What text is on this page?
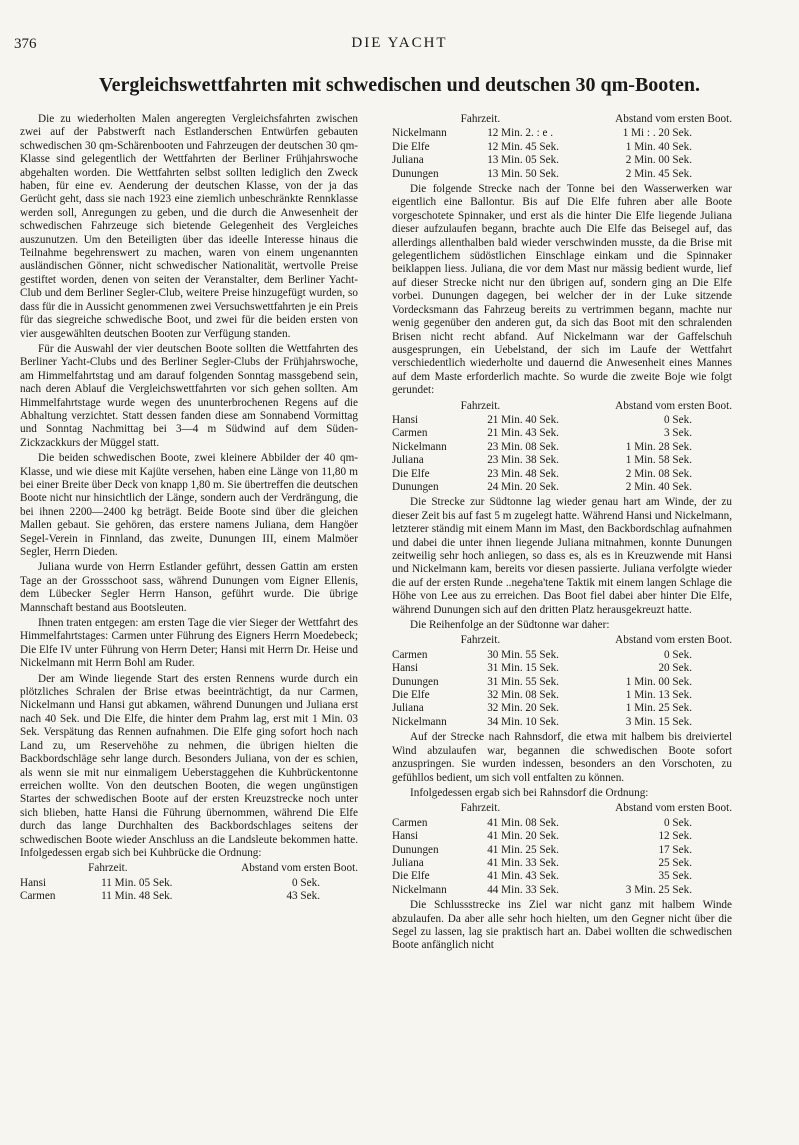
376	DIE YACHT
Vergleichswettfahrten mit schwedischen und deutschen 30 qm-Booten.

Die zu wiederholten Malen angeregten Vergleichsfahrten zwischen zwei auf der Pabstwerft nach Estlanderschen Entwürfen gebauten schwedischen 30 qm-Schärenbooten und Fahrzeugen der deutschen 30 qm-Klasse sind gelegentlich der Wettfahrten der Berliner Frühjahrswoche abgehalten worden. Die Wettfahrten selbst sollten lediglich den Zweck haben, für eine ev. Aenderung der deutschen Klasse, von der ja das Gerücht geht, dass sie nach 1923 eine ziemlich unbeschränkte Rennklasse werden soll, Anregungen zu geben, und die durch die Anwesenheit der schwedischen Fahrzeuge sich bietende Gelegenheit des Vergleiches auszunutzen. Um den Beteiligten über das ideelle Interesse hinaus die Teilnahme begehrenswert zu machen, waren von einem ungenannten ausländischen Gönner, nicht schwedischer Nationalität, wertvolle Preise gestiftet worden, denen von seiten der Veranstalter, dem Berliner Yacht-Club und dem Berliner Segler-Club, weitere Preise hinzugefügt wurden, so dass für die in Aussicht genommenen zwei Versuchswettfahrten je ein Preis für das siegreiche schwedische Boot, und zwei für die beiden ersten von vier ausgewählten deutschen Booten zur Verfügung standen.

Für die Auswahl der vier deutschen Boote sollten die Wettfahrten des Berliner Yacht-Clubs und des Berliner Segler-Clubs der Frühjahrswoche, am Himmelfahrtstag und am darauf folgenden Sonntag massgebend sein, nach deren Ablauf die Vergleichswettfahrten vor sich gehen sollten. Am Himmelfahrtstage wurde wegen des ununterbrochenen Regens auf die Abhaltung verzichtet. Statt dessen fanden diese am Sonnabend Vormittag und Sonntag Nachmittag bei 3—4 m Südwind auf dem Süden-Zickzackkurs der Müggel statt.

Die beiden schwedischen Boote, zwei kleinere Abbilder der 40 qm-Klasse, und wie diese mit Kajüte versehen, haben eine Länge von 11,80 m bei einer Breite über Deck von knapp 1,80 m. Sie übertreffen die deutschen Boote nicht nur hinsichtlich der Länge, sondern auch der Verdrängung, die bei ihnen 2200—2400 kg beträgt. Beide Boote sind über die gleichen Mallen gebaut. Sie gehören, das erstere namens Juliana, dem Hangöer Segel-Verein in Finnland, das zweite, Dunungen III, einem Malmöer Segler, Herrn Dieden.

Juliana wurde von Herrn Estlander geführt, dessen Gattin am ersten Tage an der Grossschoot sass, während Dunungen vom Eigner Ellenis, dem Lübecker Segler Herrn Hanson, geführt wurde. Die übrige Mannschaft bestand aus Bootsleuten.

Ihnen traten entgegen: am ersten Tage die vier Sieger der Wettfahrt des Himmelfahrtstages: Carmen unter Führung des Eigners Herrn Moedebeck; Die Elfe IV unter Führung von Herrn Deter; Hansi mit Herrn Dr. Heise und Nickelmann mit Herrn Bohl am Ruder.

Der am Winde liegende Start des ersten Rennens wurde durch ein plötzliches Schralen der Brise etwas beeinträchtigt, da nur Carmen, Nickelmann und Hansi gut abkamen, während Dunungen und Juliana erst nach 40 Sek. und Die Elfe, die hinter dem Prahm lag, erst mit 1 Min. 03 Sek. Verspätung das Rennen aufnahmen. Die Elfe ging sofort hoch nach Land zu, um Reservehöhe zu nehmen, die übrigen hielten die Backbordschläge sehr lange durch. Besonders Juliana, von der es schien, als wenn sie mit nur einmaligem Ueberstaggehen die Kuhbrückentonne erreichen wollte. Von den deutschen Booten, die wegen ungünstigen Startes der schwedischen Boote auf der ersten Kreuzstrecke noch unter sich blieben, hatte Hansi die Führung übernommen, während Die Elfe durch das lange Durchhalten des Backbordschlages seitens der schwedischen Boote wieder Anschluss an die Landsleute bekommen hatte. Infolgedessen ergab sich bei Kuhbrücke die Ordnung:

Fahrzeit.	Abstand vom ersten Boot.
Hansi	11 Min. 05 Sek.	0 Sek.
Carmen	11 Min. 48 Sek.	43 Sek.
Fahrzeit.	Abstand vom ersten Boot.
Nickelmann	12 Min. 2. : e .	1 Mi : . 20 Sek.
Die Elfe	12 Min. 45 Sek.	1 Min. 40 Sek.
Juliana	13 Min. 05 Sek.	2 Min. 00 Sek.
Dunungen	13 Min. 50 Sek.	2 Min. 45 Sek.

Die folgende Strecke nach der Tonne bei den Wasserwerken war eigentlich eine Ballontur. Bis auf Die Elfe fuhren aber alle Boote vorgeschotete Spinnaker, und erst als die hinter Die Elfe liegende Juliana dieser aufzulaufen begann, brachte auch Die Elfe das Beisegel auf, das allerdings allenthalben bald wieder verschwinden musste, da die Brise mit gelegentlichem südöstlichen Einschlage einkam und die Spinnaker beiklappen liess. Juliana, die vor dem Mast nur mässig bedient wurde, lief auf dieser Strecke nicht nur den übrigen auf, sondern ging an Die Elfe vorbei. Dunungen dagegen, bei welcher der in der Luke sitzende Vordecksmann das Fahrzeug bereits zu vertrimmen begann, machte nur wenig gegenüber den anderen gut, da sich das Boot mit den schralenden Brisen nicht recht abfand. Auf Nickelmann war der Gaffelschuh ausgesprungen, ein Uebelstand, der sich im Laufe der Wettfahrt verschiedentlich wiederholte und dauernd die Anwesenheit eines Mannes auf dem Maste erforderlich machte. So wurde die zweite Boje wie folgt gerundet:

Fahrzeit.	Abstand vom ersten Boot.
Hansi	21 Min. 40 Sek.	0 Sek.
Carmen	21 Min. 43 Sek.	3 Sek.
Nickelmann	23 Min. 08 Sek.	1 Min. 28 Sek.
Juliana	23 Min. 38 Sek.	1 Min. 58 Sek.
Die Elfe	23 Min. 48 Sek.	2 Min. 08 Sek.
Dunungen	24 Min. 20 Sek.	2 Min. 40 Sek.

Die Strecke zur Südtonne lag wieder genau hart am Winde, der zu dieser Zeit bis auf fast 5 m zugelegt hatte. Während Hansi und Nickelmann, letzterer ständig mit einem Mann im Mast, den Backbordschlag aufnahmen und dabei die unter ihnen liegende Juliana mitnahmen, konnte Dunungen zeitweilig sehr hoch anliegen, so dass es, als es in Kreuzwende mit Hansi und Nickelmann kam, bereits vor diesen passierte. Juliana verfolgte wieder die auf der ersten Runde ..negeha'tene Taktik mit einem langen Schlage die Höhe von Lee aus zu erreichen. Das Boot fiel dabei aber hinter Die Elfe, während Dunungen sich auf den dritten Platz herausgekreuzt hatte.

Die Reihenfolge an der Südtonne war daher:

Fahrzeit.	Abstand vom ersten Boot.
Carmen	30 Min. 55 Sek.	0 Sek.
Hansi	31 Min. 15 Sek.	20 Sek.
Dunungen	31 Min. 55 Sek.	1 Min. 00 Sek.
Die Elfe	32 Min. 08 Sek.	1 Min. 13 Sek.
Juliana	32 Min. 20 Sek.	1 Min. 25 Sek.
Nickelmann	34 Min. 10 Sek.	3 Min. 15 Sek.

Auf der Strecke nach Rahnsdorf, die etwa mit halbem bis dreiviertel Wind abzulaufen war, begannen die schwedischen Boote sofort anzuspringen. Sie wurden indessen, besonders an den Vorschoten, zu gefühllos bedient, um sich voll entfalten zu können.

Infolgedessen ergab sich bei Rahnsdorf die Ordnung:

Fahrzeit.	Abstand vom ersten Boot.
Carmen	41 Min. 08 Sek.	0 Sek.
Hansi	41 Min. 20 Sek.	12 Sek.
Dunungen	41 Min. 25 Sek.	17 Sek.
Juliana	41 Min. 33 Sek.	25 Sek.
Die Elfe	41 Min. 43 Sek.	35 Sek.
Nickelmann	44 Min. 33 Sek.	3 Min. 25 Sek.

Die Schlussstrecke ins Ziel war nicht ganz mit halbem Winde abzulaufen. Da aber alle sehr hoch hielten, um den Gegner nicht über die Segel zu lassen, lag sie praktisch hart an. Dabei wollten die schwedischen Boote anfänglich nicht
